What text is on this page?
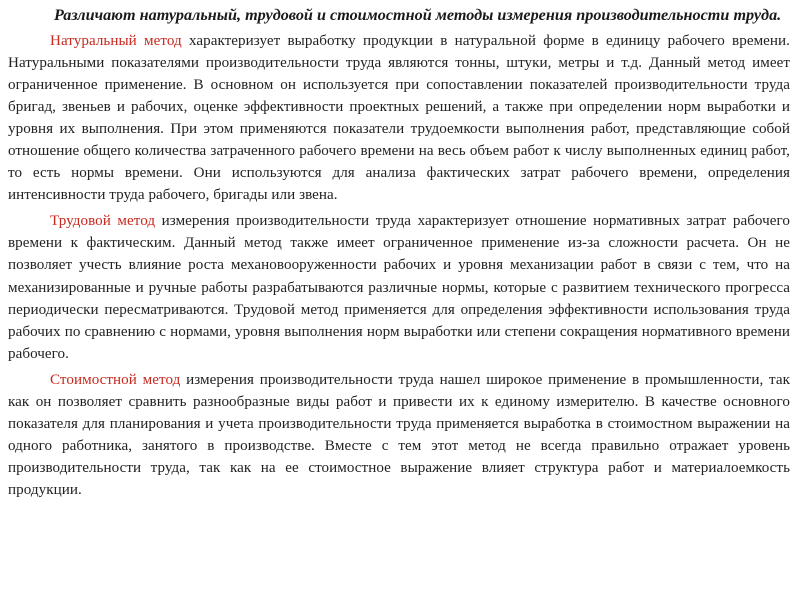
Различают натуральный, трудовой и стоимостной методы измерения производительности труда.

Натуральный метод характеризует выработку продукции в натуральной форме в единицу рабочего времени. Натуральными показателями производительности труда являются тонны, штуки, метры и т.д. Данный метод имеет ограниченное применение. В основном он используется при сопоставлении показателей производительности труда бригад, звеньев и рабочих, оценке эффективности проектных решений, а также при определении норм выработки и уровня их выполнения. При этом применяются показатели трудоемкости выполнения работ, представляющие собой отношение общего количества затраченного рабочего времени на весь объем работ к числу выполненных единиц работ, то есть нормы времени. Они используются для анализа фактических затрат рабочего времени, определения интенсивности труда рабочего, бригады или звена.

Трудовой метод измерения производительности труда характеризует отношение нормативных затрат рабочего времени к фактическим. Данный метод также имеет ограниченное применение из-за сложности расчета. Он не позволяет учесть влияние роста механовооруженности рабочих и уровня механизации работ в связи с тем, что на механизированные и ручные работы разрабатываются различные нормы, которые с развитием технического прогресса периодически пересматриваются. Трудовой метод применяется для определения эффективности использования труда рабочих по сравнению с нормами, уровня выполнения норм выработки или степени сокращения нормативного времени рабочего.

Стоимостной метод измерения производительности труда нашел широкое применение в промышленности, так как он позволяет сравнить разнообразные виды работ и привести их к единому измерителю. В качестве основного показателя для планирования и учета производительности труда применяется выработка в стоимостном выражении на одного работника, занятого в производстве. Вместе с тем этот метод не всегда правильно отражает уровень производительности труда, так как на ее стоимостное выражение влияет структура работ и материалоемкость продукции.
